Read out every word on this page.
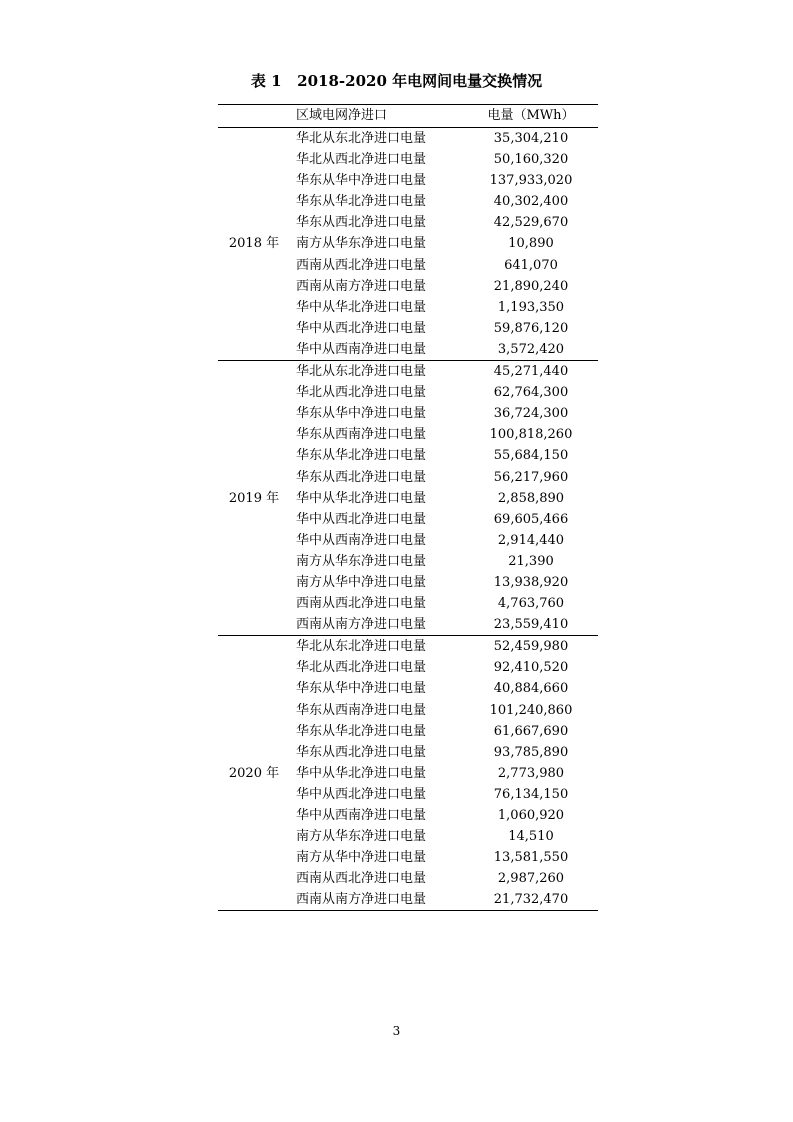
表 1   2018-2020 年电网间电量交换情况
	区域电网净进口	电量（MWh）
2018 年	华北从东北净进口电量	35,304,210
	华北从西北净进口电量	50,160,320
	华东从华中净进口电量	137,933,020
	华东从华北净进口电量	40,302,400
	华东从西北净进口电量	42,529,670
	南方从华东净进口电量	10,890
	西南从西北净进口电量	641,070
	西南从南方净进口电量	21,890,240
	华中从华北净进口电量	1,193,350
	华中从西北净进口电量	59,876,120
	华中从西南净进口电量	3,572,420
2019 年	华北从东北净进口电量	45,271,440
	华北从西北净进口电量	62,764,300
	华东从华中净进口电量	36,724,300
	华东从西南净进口电量	100,818,260
	华东从华北净进口电量	55,684,150
	华东从西北净进口电量	56,217,960
	华中从华北净进口电量	2,858,890
	华中从西北净进口电量	69,605,466
	华中从西南净进口电量	2,914,440
	南方从华东净进口电量	21,390
	南方从华中净进口电量	13,938,920
	西南从西北净进口电量	4,763,760
	西南从南方净进口电量	23,559,410
2020 年	华北从东北净进口电量	52,459,980
	华北从西北净进口电量	92,410,520
	华东从华中净进口电量	40,884,660
	华东从西南净进口电量	101,240,860
	华东从华北净进口电量	61,667,690
	华东从西北净进口电量	93,785,890
	华中从华北净进口电量	2,773,980
	华中从西北净进口电量	76,134,150
	华中从西南净进口电量	1,060,920
	南方从华东净进口电量	14,510
	南方从华中净进口电量	13,581,550
	西南从西北净进口电量	2,987,260
	西南从南方净进口电量	21,732,470
3
